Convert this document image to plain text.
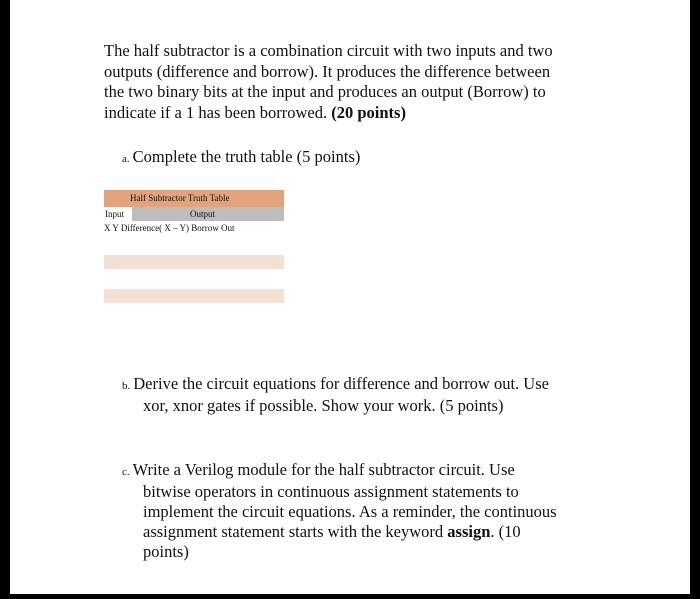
The half subtractor is a combination circuit with two inputs and two
outputs (difference and borrow). It produces the difference between
the two binary bits at the input and produces an output (Borrow) to
indicate if a 1 has been borrowed. (20 points)

a. Complete the truth table (5 points)

Half Subtractor Truth Table
Input	Output
X Y Difference( X – Y) Borrow Out

b. Derive the circuit equations for difference and borrow out. Use
xor, xnor gates if possible. Show your work. (5 points)

c. Write a Verilog module for the half subtractor circuit. Use
bitwise operators in continuous assignment statements to
implement the circuit equations. As a reminder, the continuous
assignment statement starts with the keyword assign. (10
points)
